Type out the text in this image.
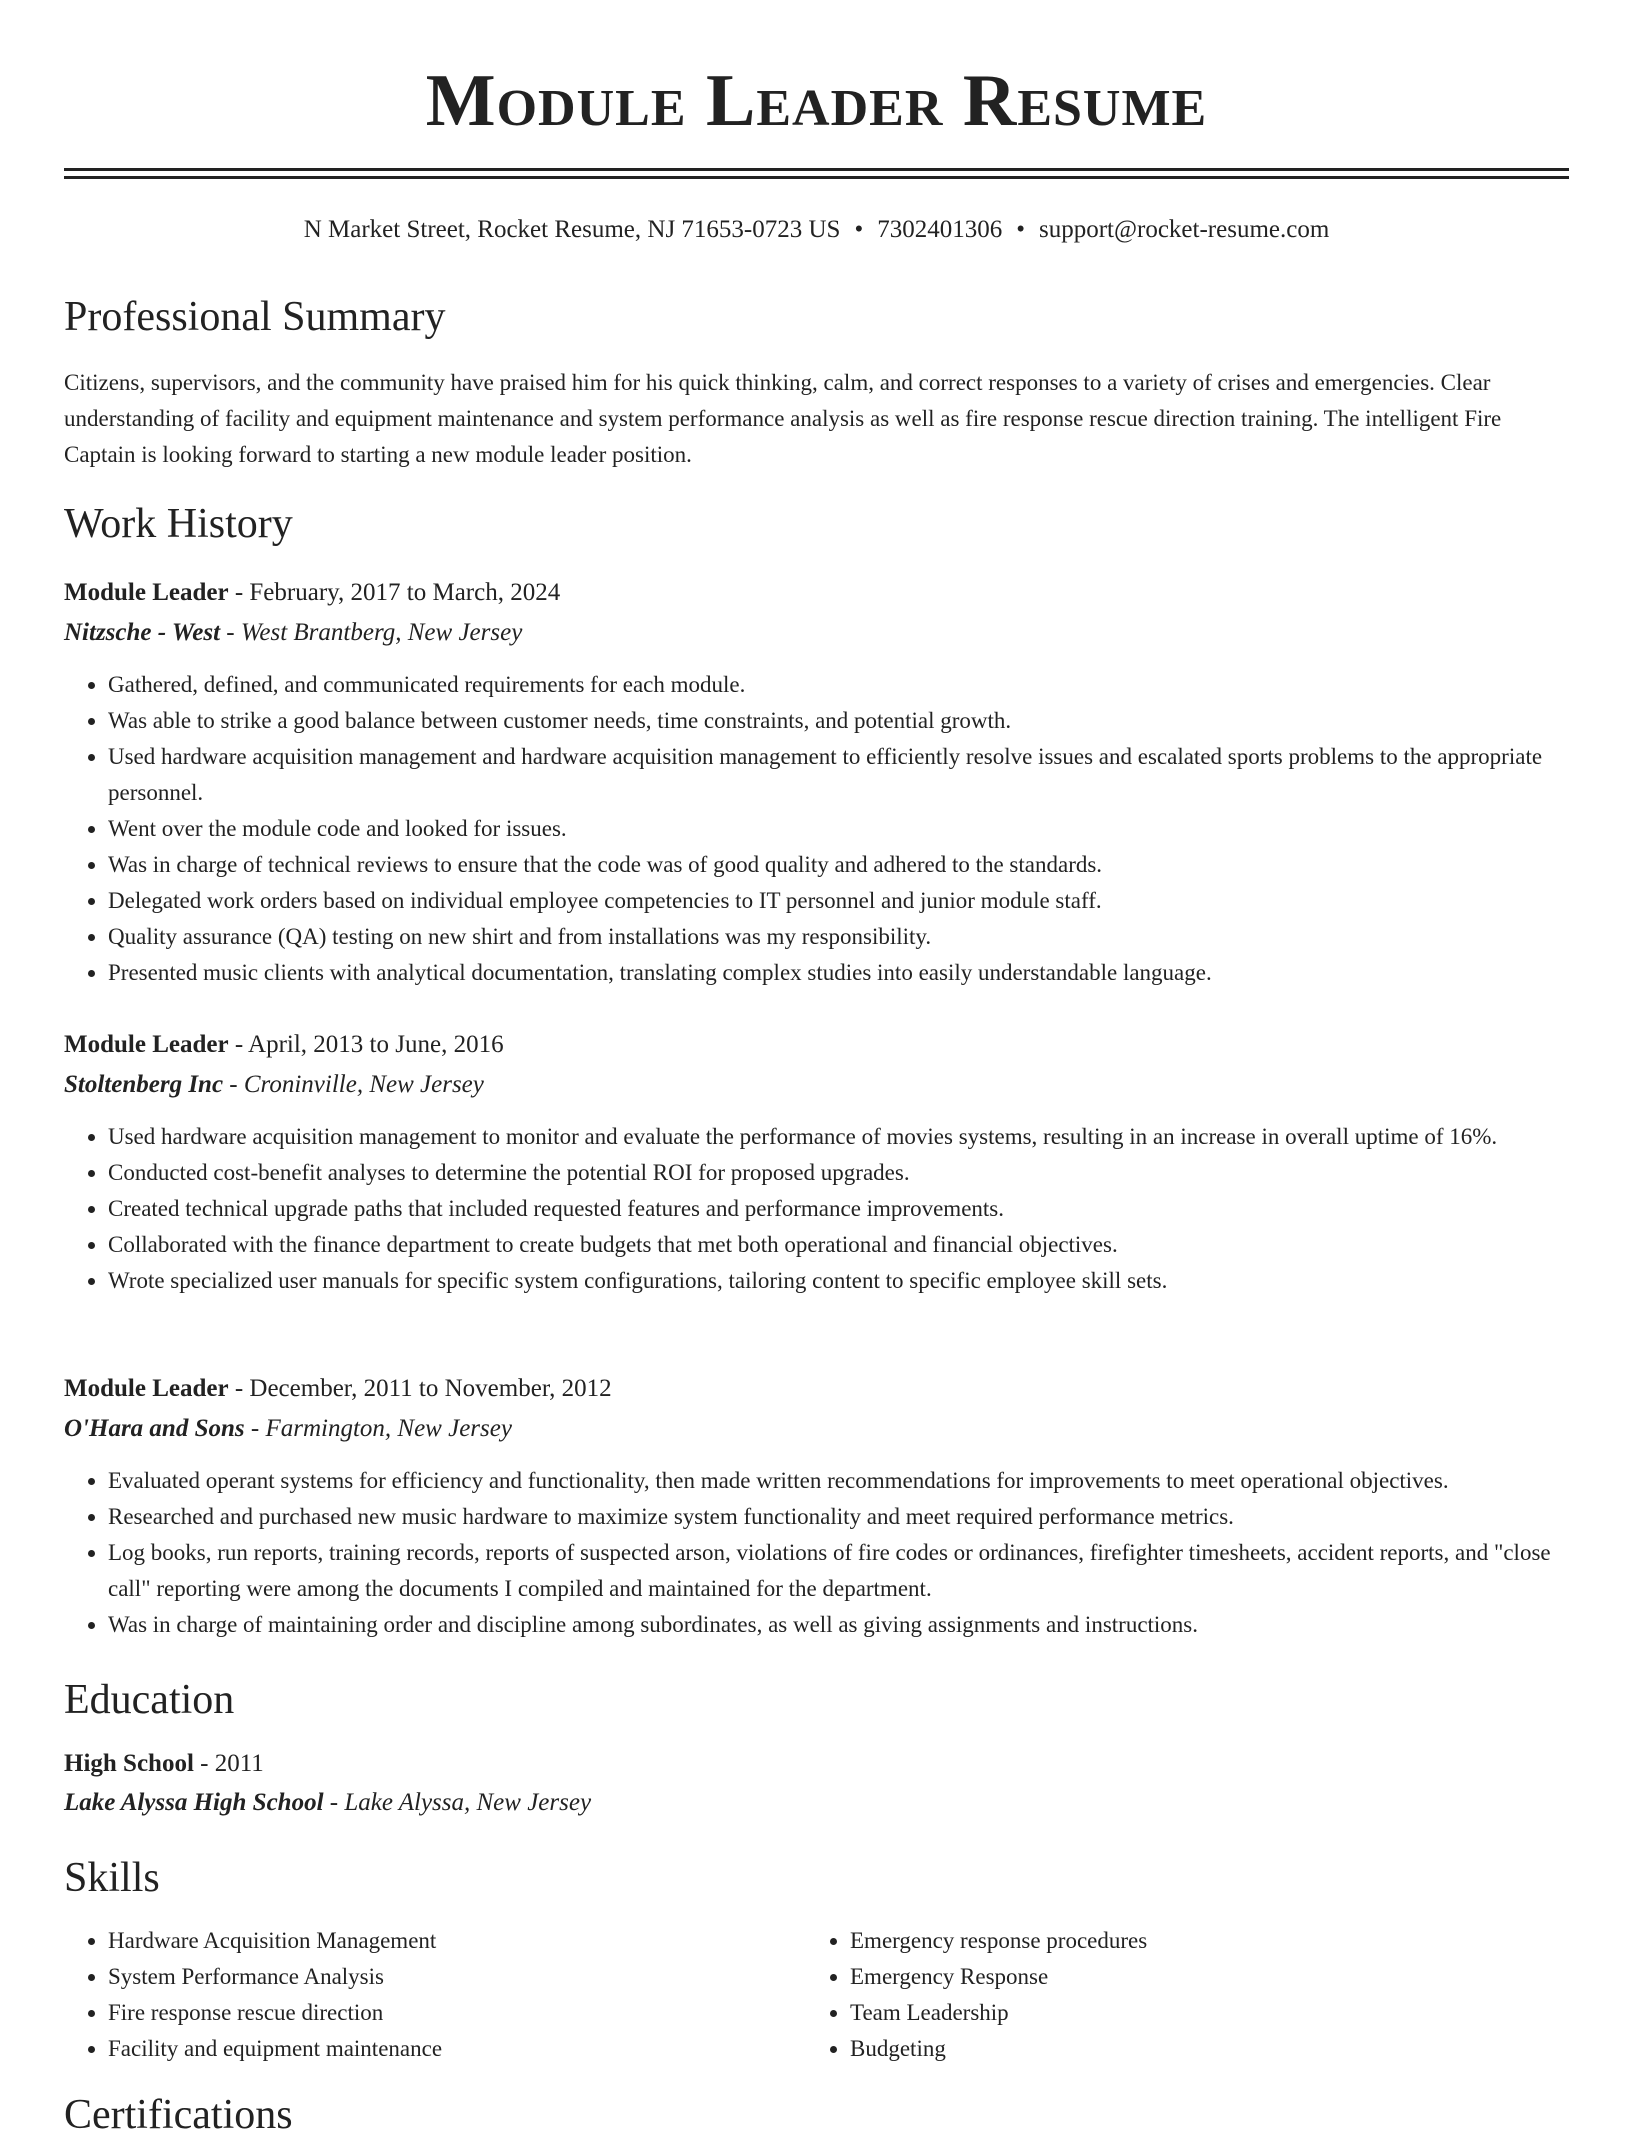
Module Leader Resume
N Market Street, Rocket Resume, NJ 71653-0723 US • 7302401306 • support@rocket-resume.com
Professional Summary

Citizens, supervisors, and the community have praised him for his quick thinking, calm, and correct responses to a variety of crises and emergencies. Clear understanding of facility and equipment maintenance and system performance analysis as well as fire response rescue direction training. The intelligent Fire Captain is looking forward to starting a new module leader position.

Work History
Module Leader - February, 2017 to March, 2024
Nitzsche - West - West Brantberg, New Jersey
• Gathered, defined, and communicated requirements for each module.
• Was able to strike a good balance between customer needs, time constraints, and potential growth.
• Used hardware acquisition management and hardware acquisition management to efficiently resolve issues and escalated sports problems to the appropriate personnel.
• Went over the module code and looked for issues.
• Was in charge of technical reviews to ensure that the code was of good quality and adhered to the standards.
• Delegated work orders based on individual employee competencies to IT personnel and junior module staff.
• Quality assurance (QA) testing on new shirt and from installations was my responsibility.
• Presented music clients with analytical documentation, translating complex studies into easily understandable language.
Module Leader - April, 2013 to June, 2016
Stoltenberg Inc - Croninville, New Jersey
• Used hardware acquisition management to monitor and evaluate the performance of movies systems, resulting in an increase in overall uptime of 16%.
• Conducted cost-benefit analyses to determine the potential ROI for proposed upgrades.
• Created technical upgrade paths that included requested features and performance improvements.
• Collaborated with the finance department to create budgets that met both operational and financial objectives.
• Wrote specialized user manuals for specific system configurations, tailoring content to specific employee skill sets.
Module Leader - December, 2011 to November, 2012
O'Hara and Sons - Farmington, New Jersey
• Evaluated operant systems for efficiency and functionality, then made written recommendations for improvements to meet operational objectives.
• Researched and purchased new music hardware to maximize system functionality and meet required performance metrics.
• Log books, run reports, training records, reports of suspected arson, violations of fire codes or ordinances, firefighter timesheets, accident reports, and "close call" reporting were among the documents I compiled and maintained for the department.
• Was in charge of maintaining order and discipline among subordinates, as well as giving assignments and instructions.
Education
High School - 2011
Lake Alyssa High School - Lake Alyssa, New Jersey
Skills
• Hardware Acquisition Management
• System Performance Analysis
• Fire response rescue direction
• Facility and equipment maintenance
• Emergency response procedures
• Emergency Response
• Team Leadership
• Budgeting
Certifications
